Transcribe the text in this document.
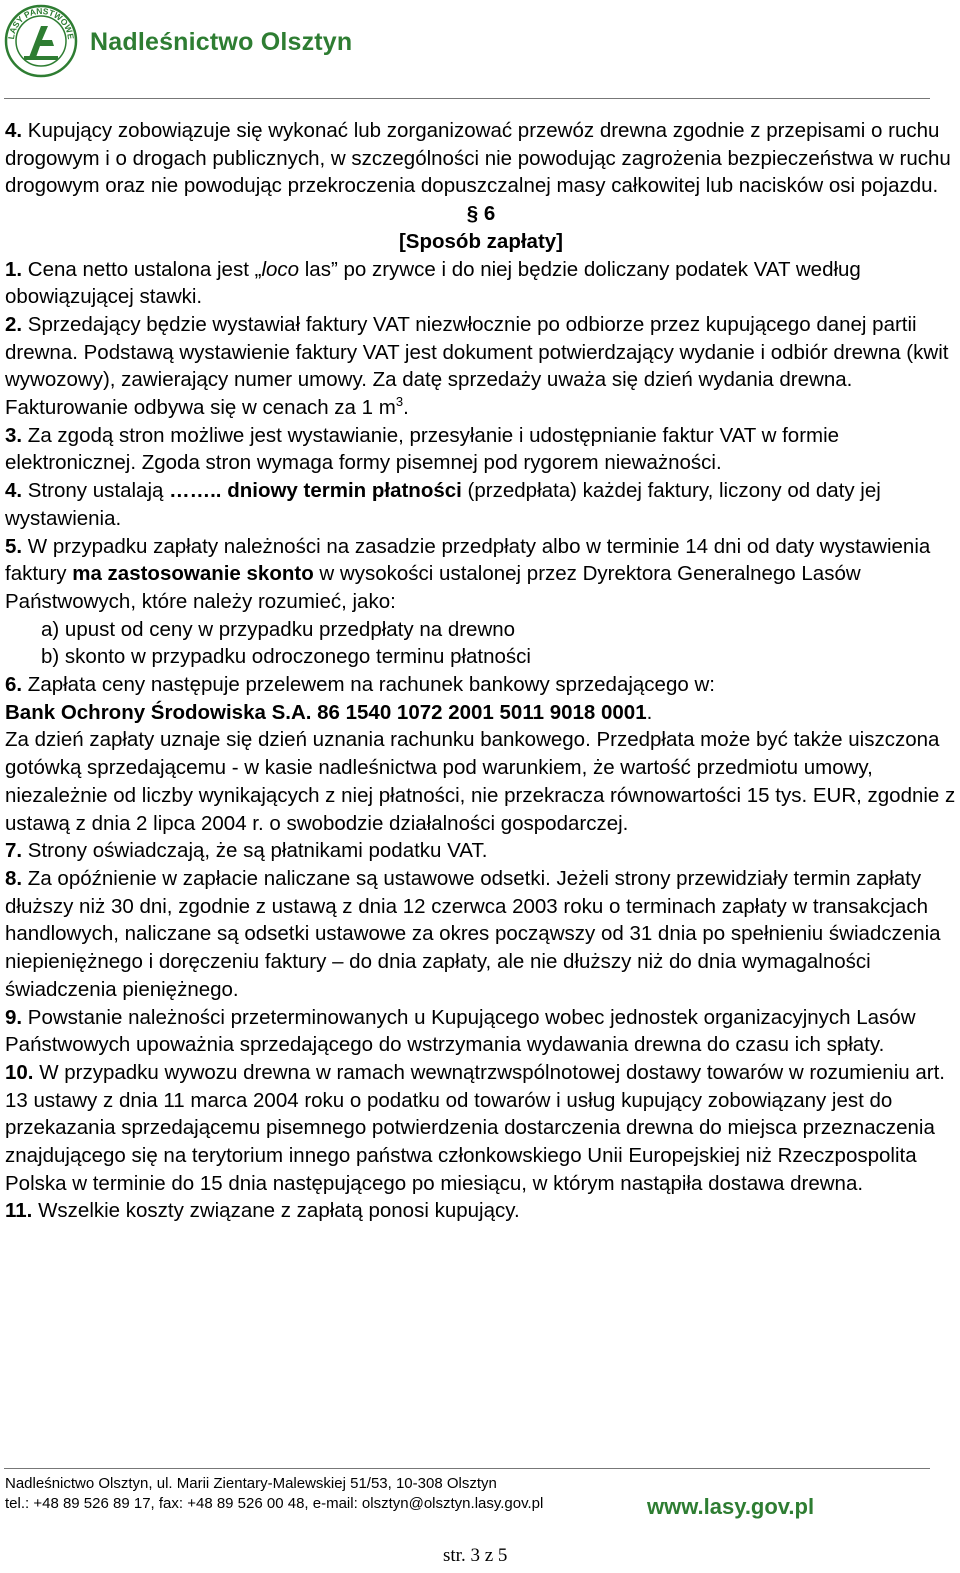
LASY PAŃSTWOWE Nadleśnictwo Olsztyn

4. Kupujący zobowiązuje się wykonać lub zorganizować przewóz drewna zgodnie z przepisami o ruchu drogowym i o drogach publicznych, w szczególności nie powodując zagrożenia bezpieczeństwa w ruchu drogowym oraz nie powodując przekroczenia dopuszczalnej masy całkowitej lub nacisków osi pojazdu.

§ 6

[Sposób zapłaty]

1. Cena netto ustalona jest „loco las” po zrywce i do niej będzie doliczany podatek VAT według obowiązującej stawki.

2. Sprzedający będzie wystawiał faktury VAT niezwłocznie po odbiorze przez kupującego danej partii drewna. Podstawą wystawienie faktury VAT jest dokument potwierdzający wydanie i odbiór drewna (kwit wywozowy), zawierający numer umowy. Za datę sprzedaży uważa się dzień wydania drewna. Fakturowanie odbywa się w cenach za 1 $m^3$.

3. Za zgodą stron możliwe jest wystawianie, przesyłanie i udostępnianie faktur VAT w formie elektronicznej. Zgoda stron wymaga formy pisemnej pod rygorem nieważności.

4. Strony ustalają …….. dniowy termin płatności (przedpłata) każdej faktury, liczony od daty jej wystawienia.

5. W przypadku zapłaty należności na zasadzie przedpłaty albo w terminie 14 dni od daty wystawienia faktury ma zastosowanie skonto w wysokości ustalonej przez Dyrektora Generalnego Lasów Państwowych, które należy rozumieć, jako:

a) upust od ceny w przypadku przedpłaty na drewno

b) skonto w przypadku odroczonego terminu płatności

6. Zapłata ceny następuje przelewem na rachunek bankowy sprzedającego w:

Bank Ochrony Środowiska S.A. 86 1540 1072 2001 5011 9018 0001.

Za dzień zapłaty uznaje się dzień uznania rachunku bankowego. Przedpłata może być także uiszczona gotówką sprzedającemu - w kasie nadleśnictwa pod warunkiem, że wartość przedmiotu umowy, niezależnie od liczby wynikających z niej płatności, nie przekracza równowartości 15 tys. EUR, zgodnie z ustawą z dnia 2 lipca 2004 r. o swobodzie działalności gospodarczej.

7. Strony oświadczają, że są płatnikami podatku VAT.

8. Za opóźnienie w zapłacie naliczane są ustawowe odsetki. Jeżeli strony przewidziały termin zapłaty dłuższy niż 30 dni, zgodnie z ustawą z dnia 12 czerwca 2003 roku o terminach zapłaty w transakcjach handlowych, naliczane są odsetki ustawowe za okres począwszy od 31 dnia po spełnieniu świadczenia niepieniężnego i doręczeniu faktury – do dnia zapłaty, ale nie dłuższy niż do dnia wymagalności świadczenia pieniężnego.

9. Powstanie należności przeterminowanych u Kupującego wobec jednostek organizacyjnych Lasów Państwowych upoważnia sprzedającego do wstrzymania wydawania drewna do czasu ich spłaty.

10. W przypadku wywozu drewna w ramach wewnątrzwspólnotowej dostawy towarów w rozumieniu art. 13 ustawy z dnia 11 marca 2004 roku o podatku od towarów i usług kupujący zobowiązany jest do przekazania sprzedającemu pisemnego potwierdzenia dostarczenia drewna do miejsca przeznaczenia znajdującego się na terytorium innego państwa członkowskiego Unii Europejskiej niż Rzeczpospolita Polska w terminie do 15 dnia następującego po miesiącu, w którym nastąpiła dostawa drewna.

11. Wszelkie koszty związane z zapłatą ponosi kupujący.

Nadleśnictwo Olsztyn, ul. Marii Zientary-Malewskiej 51/53, 10-308 Olsztyn
tel.: +48 89 526 89 17, fax: +48 89 526 00 48, e-mail: olsztyn@olsztyn.lasy.gov.pl	www.lasy.gov.pl
str. 3 z 5
